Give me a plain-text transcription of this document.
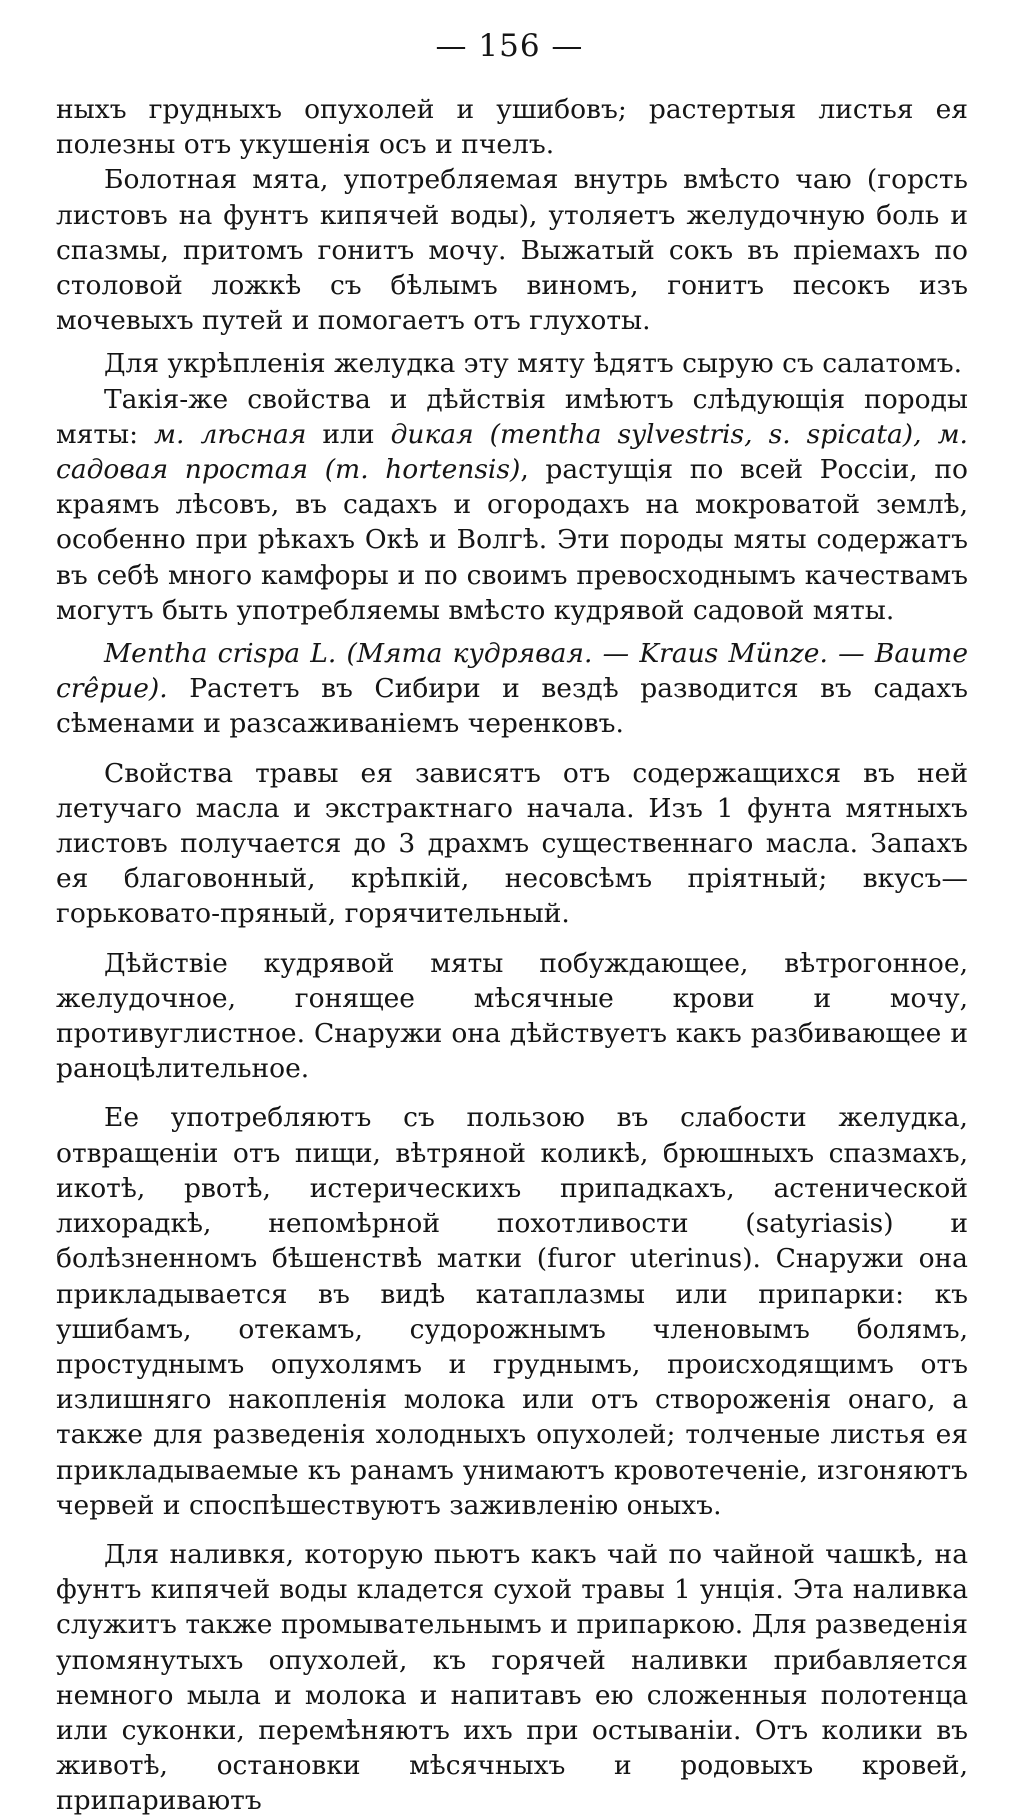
— 156 —

ныхъ грудныхъ опухолей и ушибовъ; растертыя листья ея полезны отъ укушенія осъ и пчелъ.

Болотная мята, употребляемая внутрь вмѣсто чаю (горсть листовъ на фунтъ кипячей воды), утоляетъ желудочную боль и спазмы, притомъ гонитъ мочу. Выжатый сокъ въ пріемахъ по столовой ложкѣ съ бѣлымъ виномъ, гонитъ песокъ изъ мочевыхъ путей и помогаетъ отъ глухоты.

Для укрѣпленія желудка эту мяту ѣдятъ сырую съ салатомъ.

Такія-же свойства и дѣйствія имѣютъ слѣдующія породы мяты: м. лѣсная или дикая (mentha sylvestris, s. spicata), м. садовая простая (m. hortensis), растущія по всей Россіи, по краямъ лѣсовъ, въ садахъ и огородахъ на мокроватой землѣ, особенно при рѣкахъ Окѣ и Волгѣ. Эти породы мяты содержатъ въ себѣ много камфоры и по своимъ превосходнымъ качествамъ могутъ быть употребляемы вмѣсто кудрявой садовой мяты.

Mentha crispa L. (Мята кудрявая. — Kraus Münze. — Baume crêpue). Растетъ въ Сибири и вездѣ разводится въ садахъ сѣменами и разсаживаніемъ черенковъ.

Свойства травы ея зависятъ отъ содержащихся въ ней летучаго масла и экстрактнаго начала. Изъ 1 фунта мятныхъ листовъ получается до 3 драхмъ существеннаго масла. Запахъ ея благовонный, крѣпкій, несовсѣмъ пріятный; вкусъ—горьковато-пряный, горячительный.

Дѣйствіе кудрявой мяты побуждающее, вѣтрогонное, желудочное, гонящее мѣсячные крови и мочу, противуглистное. Снаружи она дѣйствуетъ какъ разбивающее и раноцѣлительное.

Ее употребляютъ съ пользою въ слабости желудка, отвращеніи отъ пищи, вѣтряной коликѣ, брюшныхъ спазмахъ, икотѣ, рвотѣ, истерическихъ припадкахъ, астенической лихорадкѣ, непомѣрной похотливости (satyriasis) и болѣзненномъ бѣшенствѣ матки (furor uterinus). Снаружи она прикладывается въ видѣ катаплазмы или припарки: къ ушибамъ, отекамъ, судорожнымъ членовымъ болямъ, простуднымъ опухолямъ и груднымъ, происходящимъ отъ излишняго накопленія молока или отъ створоженія онаго, а также для разведенія холодныхъ опухолей; толченые листья ея прикладываемые къ ранамъ унимаютъ кровотеченіе, изгоняютъ червей и споспѣшествуютъ заживленію оныхъ.

Для наливкя, которую пьютъ какъ чай по чайной чашкѣ, на фунтъ кипячей воды кладется сухой травы 1 унція. Эта наливка служитъ также промывательнымъ и припаркою. Для разведенія упомянутыхъ опухолей, къ горячей наливки прибавляется немного мыла и молока и напитавъ ею сложенныя полотенца или суконки, перемѣняютъ ихъ при остываніи. Отъ колики въ животѣ, остановки мѣсячныхъ и родовыхъ кровей, припариваютъ
